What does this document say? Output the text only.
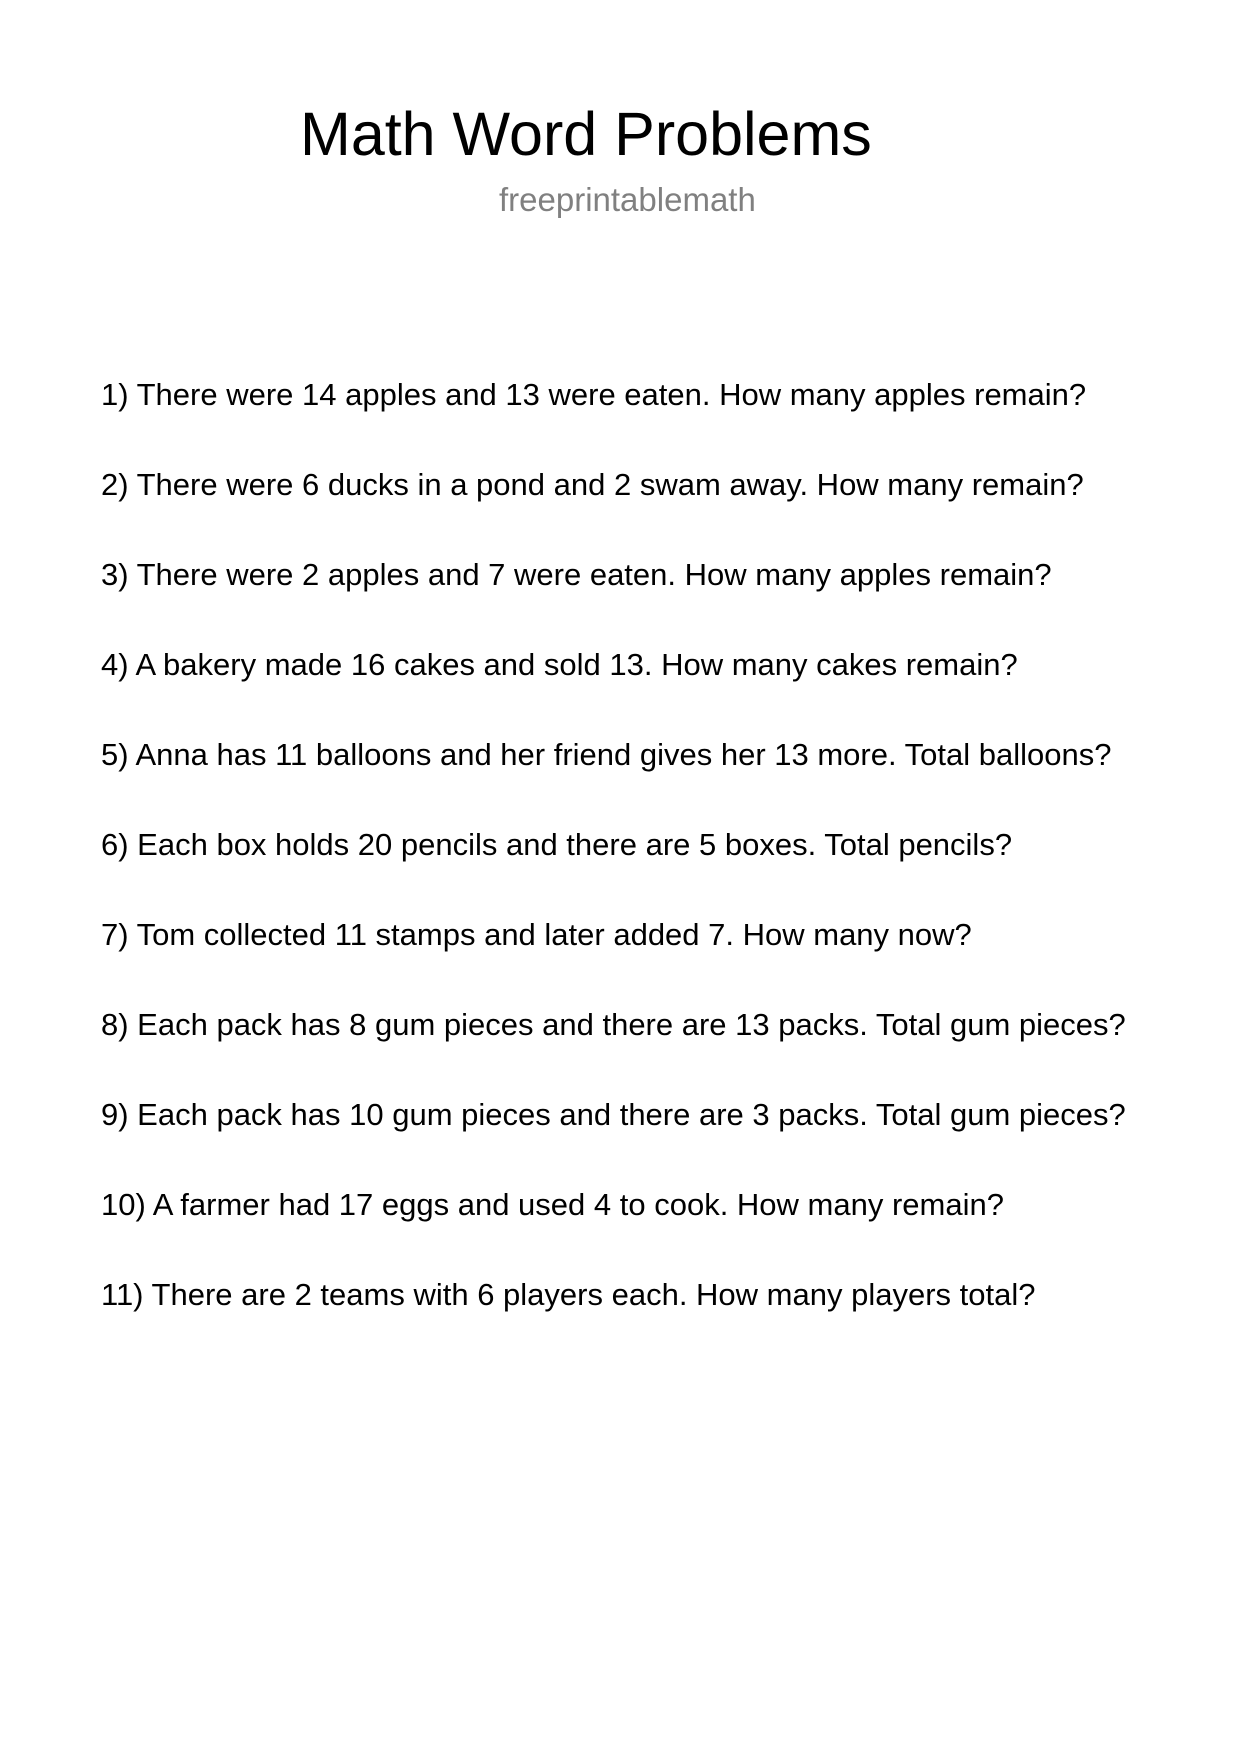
Math Word Problems
freeprintablemath
1) There were 14 apples and 13 were eaten. How many apples remain?
2) There were 6 ducks in a pond and 2 swam away. How many remain?
3) There were 2 apples and 7 were eaten. How many apples remain?
4) A bakery made 16 cakes and sold 13. How many cakes remain?
5) Anna has 11 balloons and her friend gives her 13 more. Total balloons?
6) Each box holds 20 pencils and there are 5 boxes. Total pencils?
7) Tom collected 11 stamps and later added 7. How many now?
8) Each pack has 8 gum pieces and there are 13 packs. Total gum pieces?
9) Each pack has 10 gum pieces and there are 3 packs. Total gum pieces?
10) A farmer had 17 eggs and used 4 to cook. How many remain?
11) There are 2 teams with 6 players each. How many players total?
